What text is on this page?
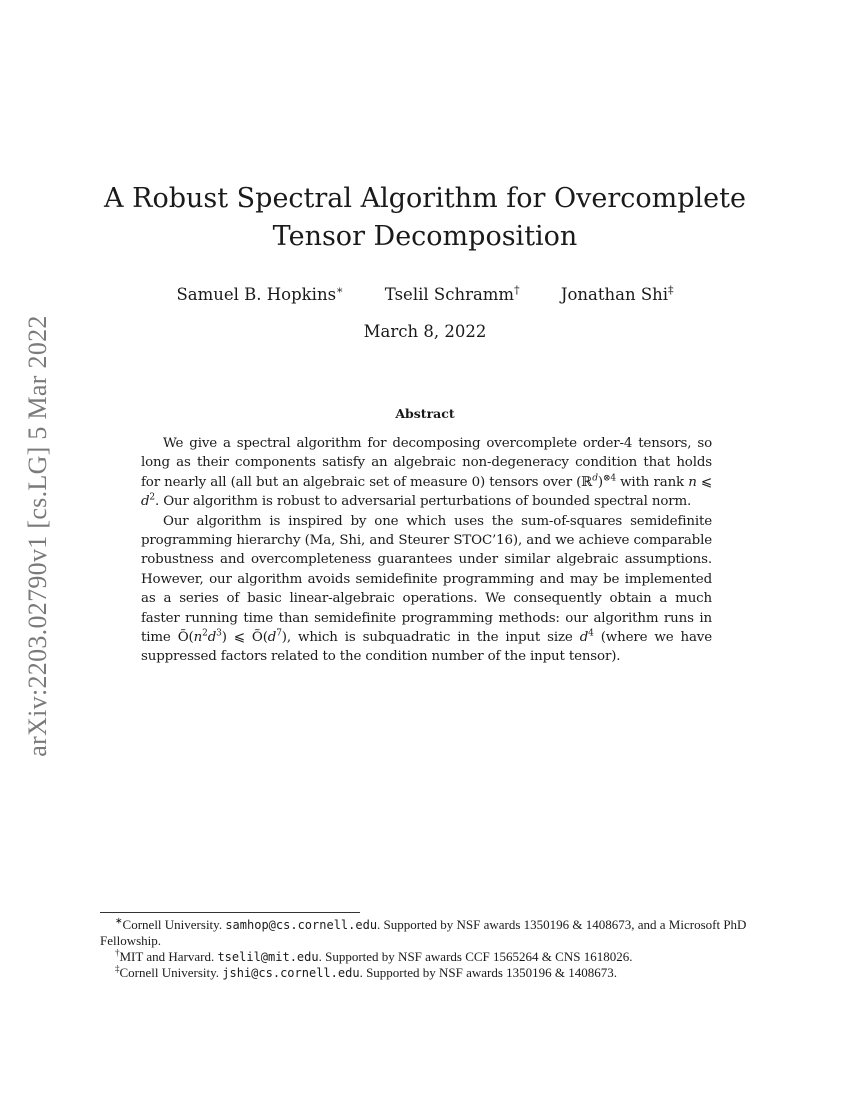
arXiv:2203.02790v1 [cs.LG] 5 Mar 2022
A Robust Spectral Algorithm for Overcomplete
Tensor Decomposition
Samuel B. Hopkins∗	Tselil Schramm†	Jonathan Shi‡
March 8, 2022
Abstract

We give a spectral algorithm for decomposing overcomplete order-4 tensors, so long as their components satisfy an algebraic non-degeneracy condition that holds for nearly all (all but an algebraic set of measure 0) tensors over (ℝ$^d$)$^{\otimes 4}$ with rank n ⩽ $d^2$. Our algorithm is robust to adversarial perturbations of bounded spectral norm.

Our algorithm is inspired by one which uses the sum-of-squares semidefinite programming hierarchy (Ma, Shi, and Steurer STOC’16), and we achieve comparable robustness and overcompleteness guarantees under similar algebraic assumptions. However, our algorithm avoids semidefinite programming and may be implemented as a series of basic linear-algebraic operations. We consequently obtain a much faster running time than semidefinite programming methods: our algorithm runs in time $Õ(n^2d^3)$ ⩽ $Õ(d^7)$, which is subquadratic in the input size $d^4$ (where we have suppressed factors related to the condition number of the input tensor).

∗Cornell University. samhop@cs.cornell.edu. Supported by NSF awards 1350196 & 1408673, and a Microsoft PhD Fellowship.

†MIT and Harvard. tselil@mit.edu. Supported by NSF awards CCF 1565264 & CNS 1618026.

‡Cornell University. jshi@cs.cornell.edu. Supported by NSF awards 1350196 & 1408673.
